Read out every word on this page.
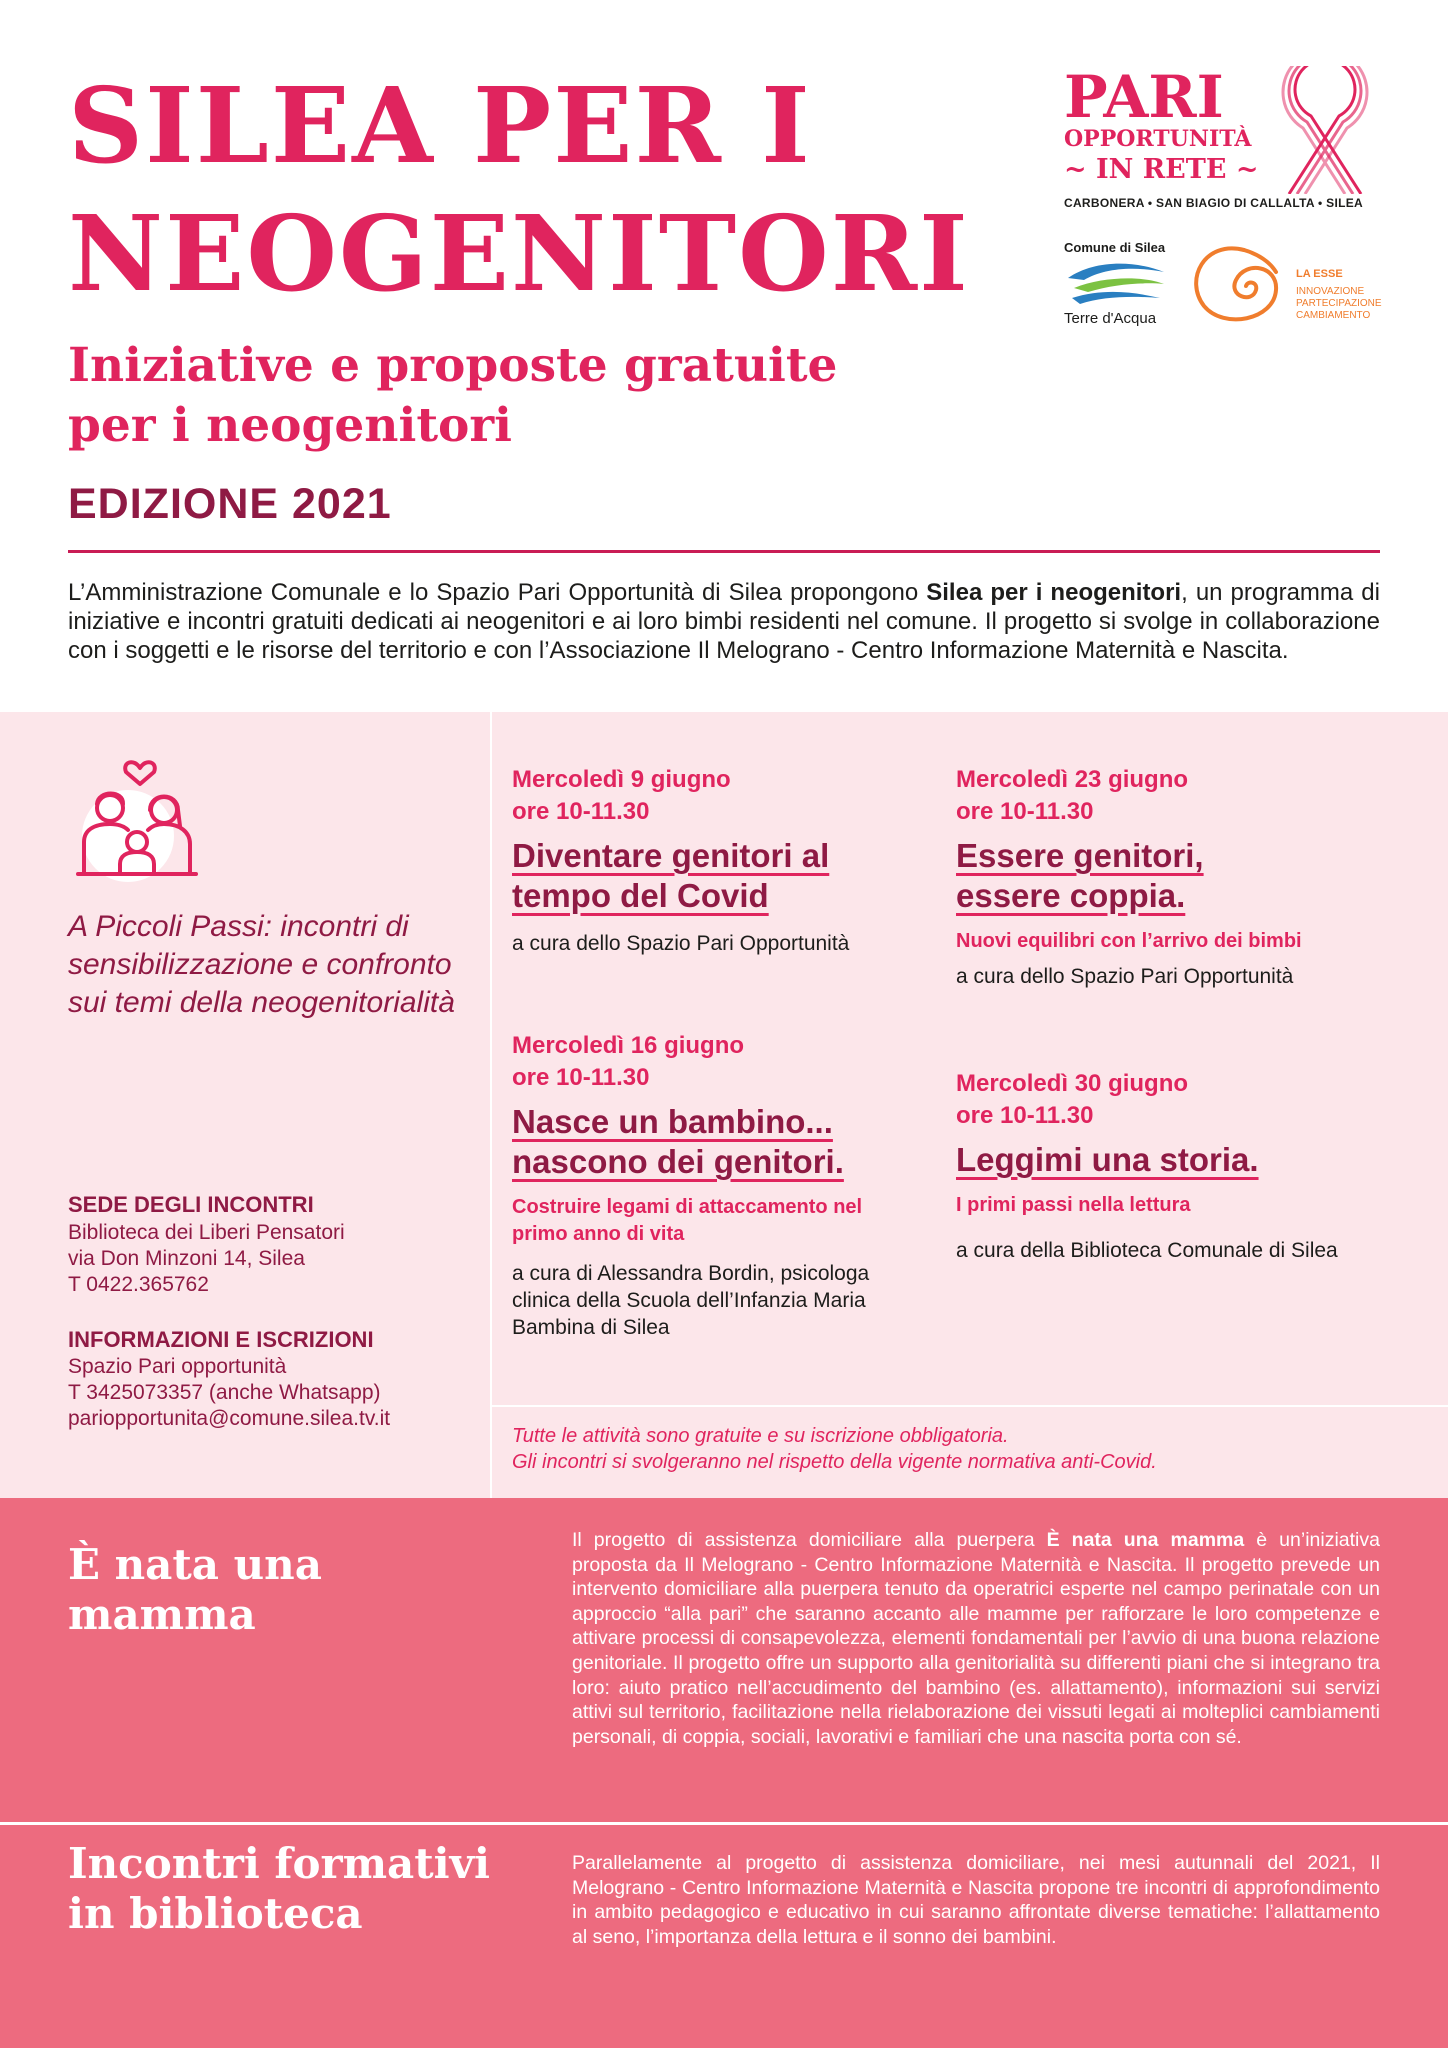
SILEA PER I
NEOGENITORI
Iniziative e proposte gratuite
per i neogenitori
EDIZIONE 2021

L’Amministrazione Comunale e lo Spazio Pari Opportunità di Silea propongono Silea per i neogenitori, un programma di iniziative e incontri gratuiti dedicati ai neogenitori e ai loro bimbi residenti nel comune. Il progetto si svolge in collaborazione con i soggetti e le risorse del territorio e con l’Associazione Il Melograno - Centro Informazione Maternità e Nascita.

PARI
OPPORTUNITÀ
~ IN RETE ~
CARBONERA • SAN BIAGIO DI CALLALTA • SILEA
Comune di Silea
Terre d'Acqua
LA ESSE
INNOVAZIONE PARTECIPAZIONE CAMBIAMENTO

A Piccoli Passi: incontri di sensibilizzazione e confronto sui temi della neogenitorialità

SEDE DEGLI INCONTRI
Biblioteca dei Liberi Pensatori
via Don Minzoni 14, Silea
T 0422.365762
INFORMAZIONI E ISCRIZIONI
Spazio Pari opportunità
T 3425073357 (anche Whatsapp)
pariopportunita@comune.silea.tv.it
Mercoledì 9 giugno
ore 10-11.30
Diventare genitori al
tempo del Covid
a cura dello Spazio Pari Opportunità
Mercoledì 23 giugno
ore 10-11.30
Essere genitori,
essere coppia.
Nuovi equilibri con l’arrivo dei bimbi
a cura dello Spazio Pari Opportunità
Mercoledì 16 giugno
ore 10-11.30
Nasce un bambino...
nascono dei genitori.
Costruire legami di attaccamento nel primo anno di vita
a cura di Alessandra Bordin, psicologa clinica della Scuola dell’Infanzia Maria Bambina di Silea
Mercoledì 30 giugno
ore 10-11.30
Leggimi una storia.
I primi passi nella lettura
a cura della Biblioteca Comunale di Silea
Tutte le attività sono gratuite e su iscrizione obbligatoria.
Gli incontri si svolgeranno nel rispetto della vigente normativa anti-Covid.
È nata una
mamma

Il progetto di assistenza domiciliare alla puerpera È nata una mamma è un’iniziativa proposta da Il Melograno - Centro Informazione Maternità e Nascita. Il progetto prevede un intervento domiciliare alla puerpera tenuto da operatrici esperte nel campo perinatale con un approccio “alla pari” che saranno accanto alle mamme per rafforzare le loro competenze e attivare processi di consapevolezza, elementi fondamentali per l’avvio di una buona relazione genitoriale. Il progetto offre un supporto alla genitorialità su differenti piani che si integrano tra loro: aiuto pratico nell’accudimento del bambino (es. allattamento), informazioni sui servizi attivi sul territorio, facilitazione nella rielaborazione dei vissuti legati ai molteplici cambiamenti personali, di coppia, sociali, lavorativi e familiari che una nascita porta con sé.

Incontri formativi
in biblioteca

Parallelamente al progetto di assistenza domiciliare, nei mesi autunnali del 2021, Il Melograno - Centro Informazione Maternità e Nascita propone tre incontri di approfondimento in ambito pedagogico e educativo in cui saranno affrontate diverse tematiche: l’allattamento al seno, l’importanza della lettura e il sonno dei bambini.
